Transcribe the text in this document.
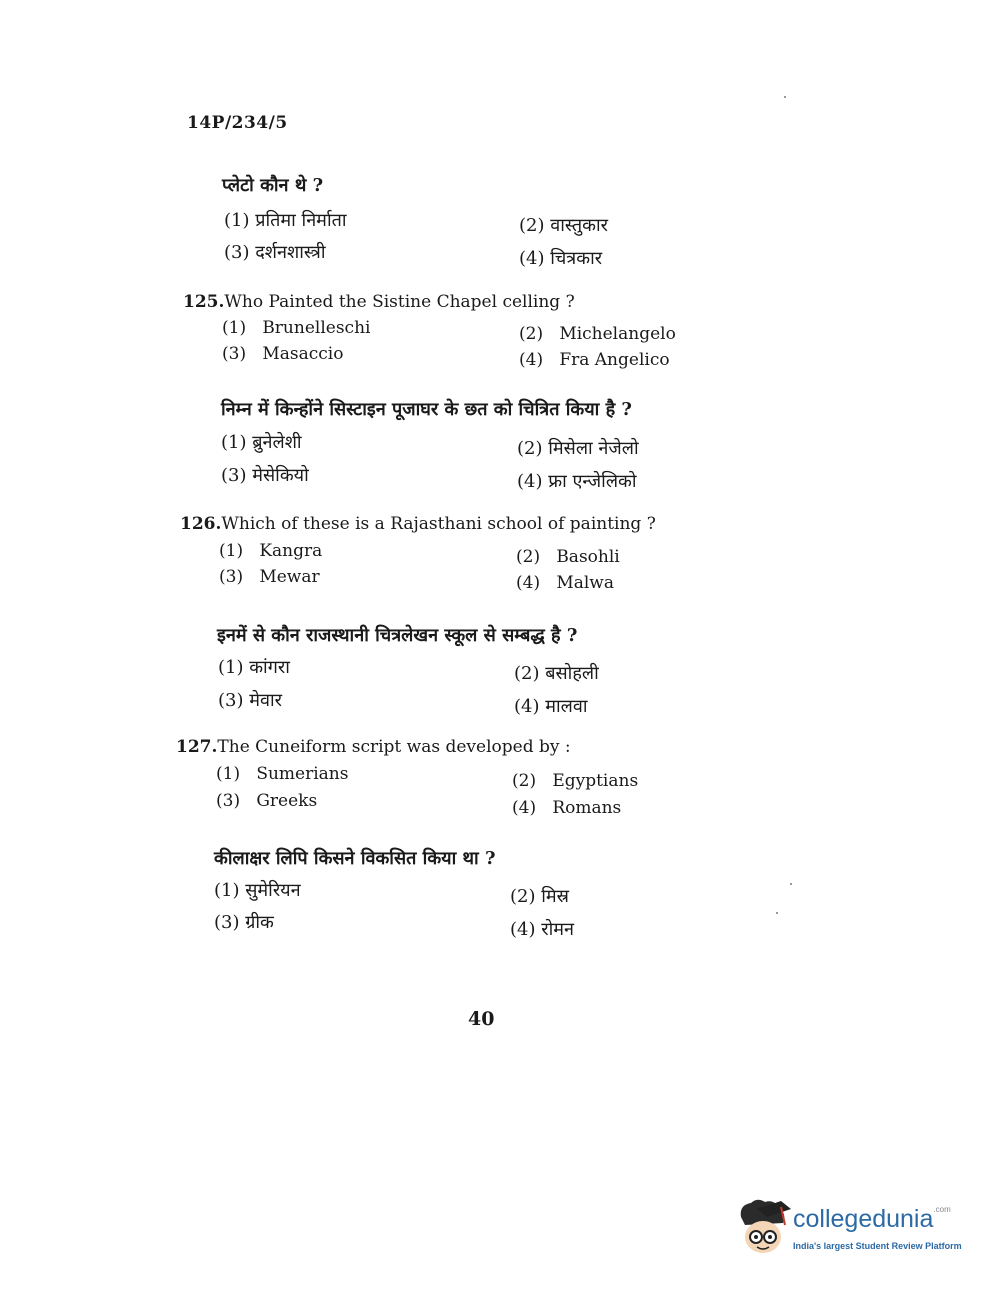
14P/234/5
प्लेटो कौन थे ?
(1) प्रतिमा निर्माता	(2) वास्तुकार
(3) दर्शनशास्त्री	(4) चित्रकार
125.Who Painted the Sistine Chapel celling ?
(1) Brunelleschi	(2) Michelangelo
(3) Masaccio	(4) Fra Angelico
निम्न में किन्होंने सिस्टाइन पूजाघर के छत को चित्रित किया है ?
(1) ब्रुनेलेशी	(2) मिसेला नेजेलो
(3) मेसेकियो	(4) फ्रा एन्जेलिको
126.Which of these is a Rajasthani school of painting ?
(1) Kangra	(2) Basohli
(3) Mewar	(4) Malwa
इनमें से कौन राजस्थानी चित्रलेखन स्कूल से सम्बद्ध है ?
(1) कांगरा	(2) बसोहली
(3) मेवार	(4) मालवा
127.The Cuneiform script was developed by :
(1) Sumerians	(2) Egyptians
(3) Greeks	(4) Romans
कीलाक्षर लिपि किसने विकसित किया था ?
(1) सुमेरियन	(2) मिस्र
(3) ग्रीक	(4) रोमन
40
collegedunia$^{.com}$
India's largest Student Review Platform
